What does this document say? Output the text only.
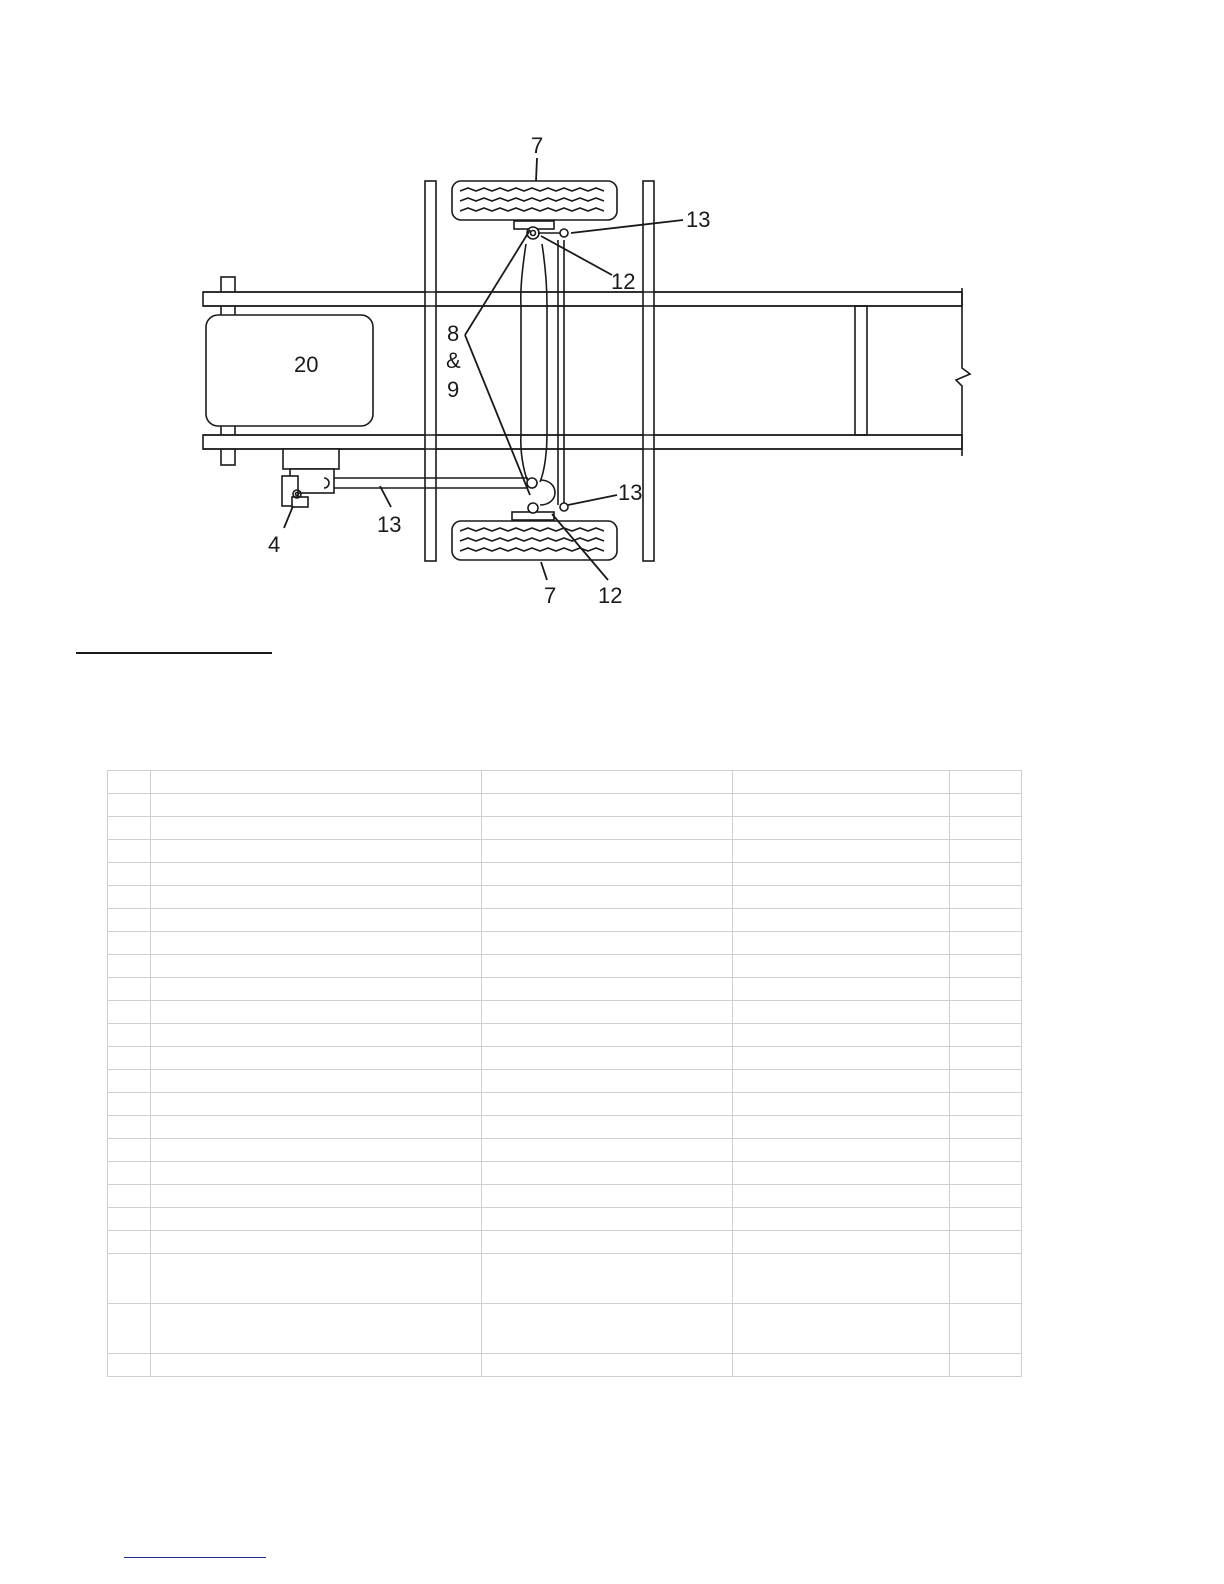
7
13
12
20
8
&
9
13
13
4
7 12
